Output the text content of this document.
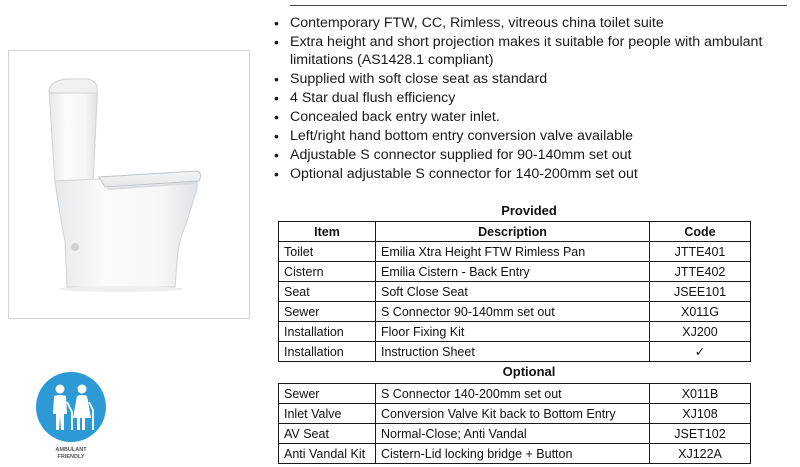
• Contemporary FTW, CC, Rimless, vitreous china toilet suite
• Extra height and short projection makes it suitable for people with ambulant limitations (AS1428.1 compliant)
• Supplied with soft close seat as standard
• 4 Star dual flush efficiency
• Concealed back entry water inlet.
• Left/right hand bottom entry conversion valve available
• Adjustable S connector supplied for 90-140mm set out
• Optional adjustable S connector for 140-200mm set out
Provided
Item	Description	Code
Toilet	Emilia Xtra Height FTW Rimless Pan	JTTE401
Cistern	Emilia Cistern - Back Entry	JTTE402
Seat	Soft Close Seat	JSEE101
Sewer	S Connector 90-140mm set out	X011G
Installation	Floor Fixing Kit	XJ200
Installation	Instruction Sheet	✓
Optional
Sewer	S Connector 140-200mm set out	X011B
Inlet Valve	Conversion Valve Kit back to Bottom Entry	XJ108
AV Seat	Normal-Close; Anti Vandal	JSET102
Anti Vandal Kit	Cistern-Lid locking bridge + Button	XJ122A
AMBULANT
FRIENDLY
